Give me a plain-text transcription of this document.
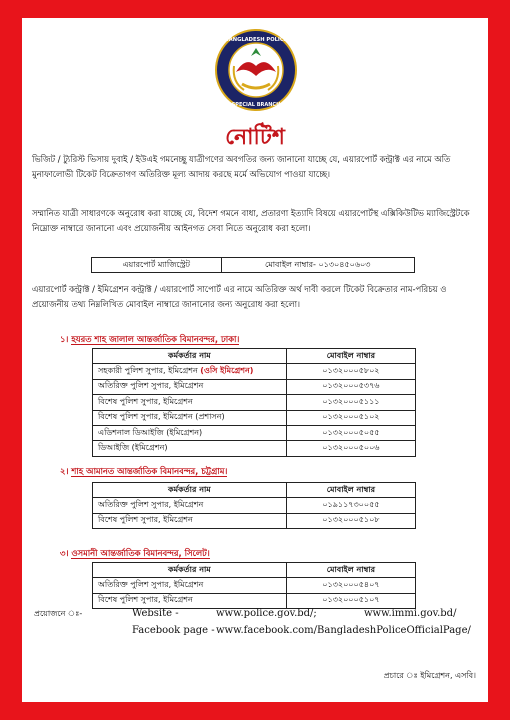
BANGLADESH POLICE
SPECIAL BRANCH
নোটিশ

ভিজিট / ট্যুরিস্ট ভিসায় দুবাই / ইউএই গমনেচ্ছু যাত্রীগণের অবগতির জন্য জানানো যাচ্ছে যে, এয়ারপোর্ট কন্ট্রাক্ট এর নামে অতি মুনাফালোভী টিকেট বিক্রেতাগণ অতিরিক্ত মূল্য আদায় করছে মর্মে অভিযোগ পাওয়া যাচ্ছে।

সম্মানিত যাত্রী সাধারণকে অনুরোধ করা যাচ্ছে যে, বিদেশ গমনে বাধা, প্রতারণা ইত্যাদি বিষয়ে এয়ারপোর্টস্থ এক্সিকিউটিভ ম্যাজিস্ট্রেটকে নিম্নোক্ত নাম্বারে জানানো এবং প্রয়োজনীয় আইনগত সেবা নিতে অনুরোধ করা হলো।

এয়ারপোর্ট ম্যাজিস্ট্রেট	মোবাইল নাম্বার- ০১৩০৪৫০৬০৩

এয়ারপোর্ট কন্ট্রাক্ট / ইমিগ্রেশন কন্ট্রাক্ট / এয়ারপোর্ট সাপোর্ট এর নামে অতিরিক্ত অর্থ দাবী করলে টিকেট বিক্রেতার নাম-পরিচয় ও প্রয়োজনীয় তথ্য নিম্নলিখিত মোবাইল নাম্বারে জানানোর জন্য অনুরোধ করা হলো।

১। হযরত শাহ জালাল আন্তর্জাতিক বিমানবন্দর, ঢাকা।
কর্মকর্তার নাম	মোবাইল নাম্বার
সহকারী পুলিশ সুপার, ইমিগ্রেশন (ওসি ইমিগ্রেশন)	০১৩২০০০৫৮০২
অতিরিক্ত পুলিশ সুপার, ইমিগ্রেশন	০১৩২০০০৫৩৭৬
বিশেষ পুলিশ সুপার, ইমিগ্রেশন	০১৩২০০০৫১১১
বিশেষ পুলিশ সুপার, ইমিগ্রেশন (প্রশাসন)	০১৩২০০০৫১০২
এডিশনাল ডিআইজি (ইমিগ্রেশন)	০১৩২০০০৫০৫৫
ডিআইজি (ইমিগ্রেশন)	০১৩২০০০৫০০৬
২। শাহ আমানত আন্তর্জাতিক বিমানবন্দর, চট্টগ্রাম।
কর্মকর্তার নাম	মোবাইল নাম্বার
অতিরিক্ত পুলিশ সুপার, ইমিগ্রেশন	০১৯১১৭৩০০৫৫
বিশেষ পুলিশ সুপার, ইমিগ্রেশন	০১৩২০০০৫১০৮
৩। ওসমানী আন্তর্জাতিক বিমানবন্দর, সিলেট।
কর্মকর্তার নাম	মোবাইল নাম্বার
অতিরিক্ত পুলিশ সুপার, ইমিগ্রেশন	০১৩২০০০৫৪০৭
বিশেষ পুলিশ সুপার, ইমিগ্রেশন	০১৩২০০০৫১০৭
প্রয়োজনে ঃ-	Website -	www.police.gov.bd/;	www.immi.gov.bd/
Facebook page - www.facebook.com/BangladeshPoliceOfficialPage/
প্রচারে ঃ ইমিগ্রেশন, এসবি।
